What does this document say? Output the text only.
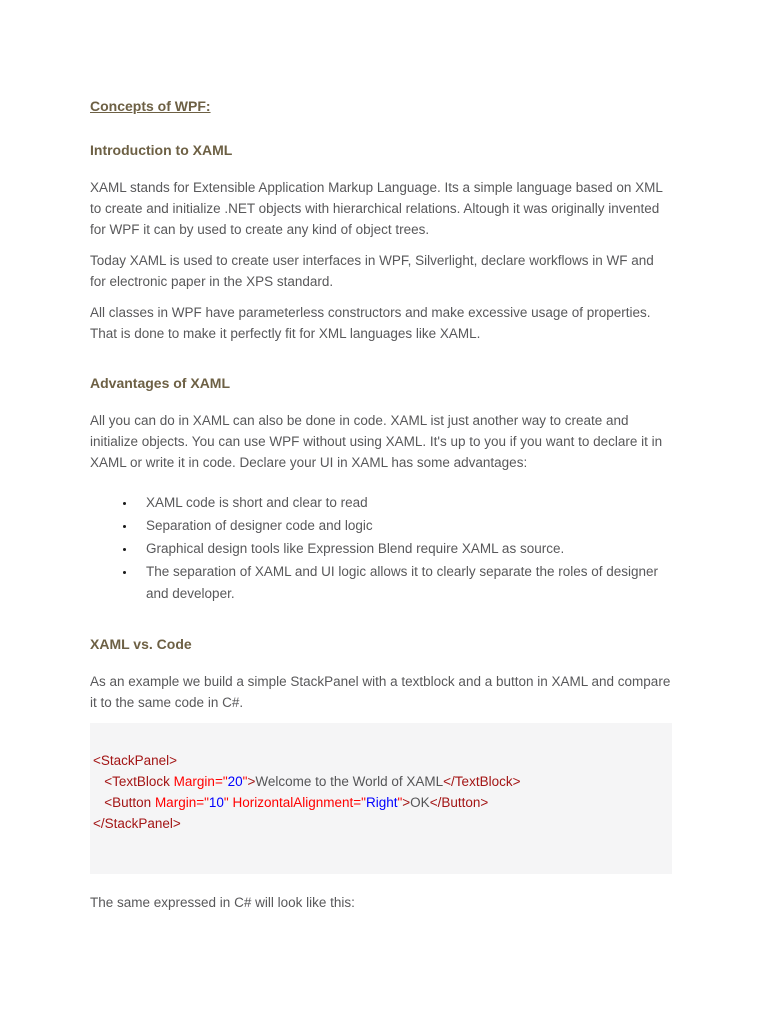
Concepts of WPF:
Introduction to XAML

XAML stands for Extensible Application Markup Language. Its a simple language based on XML to create and initialize .NET objects with hierarchical relations. Altough it was originally invented for WPF it can by used to create any kind of object trees.

Today XAML is used to create user interfaces in WPF, Silverlight, declare workflows in WF and for electronic paper in the XPS standard.

All classes in WPF have parameterless constructors and make excessive usage of properties. That is done to make it perfectly fit for XML languages like XAML.

Advantages of XAML

All you can do in XAML can also be done in code. XAML ist just another way to create and initialize objects. You can use WPF without using XAML. It's up to you if you want to declare it in XAML or write it in code. Declare your UI in XAML has some advantages:

• XAML code is short and clear to read
• Separation of designer code and logic
• Graphical design tools like Expression Blend require XAML as source.
• The separation of XAML and UI logic allows it to clearly separate the roles of designer and developer.
XAML vs. Code

As an example we build a simple StackPanel with a textblock and a button in XAML and compare it to the same code in C#.

<StackPanel>
<TextBlock Margin="20">Welcome to the World of XAML</TextBlock>
<Button Margin="10" HorizontalAlignment="Right">OK</Button>
</StackPanel>

The same expressed in C# will look like this:
